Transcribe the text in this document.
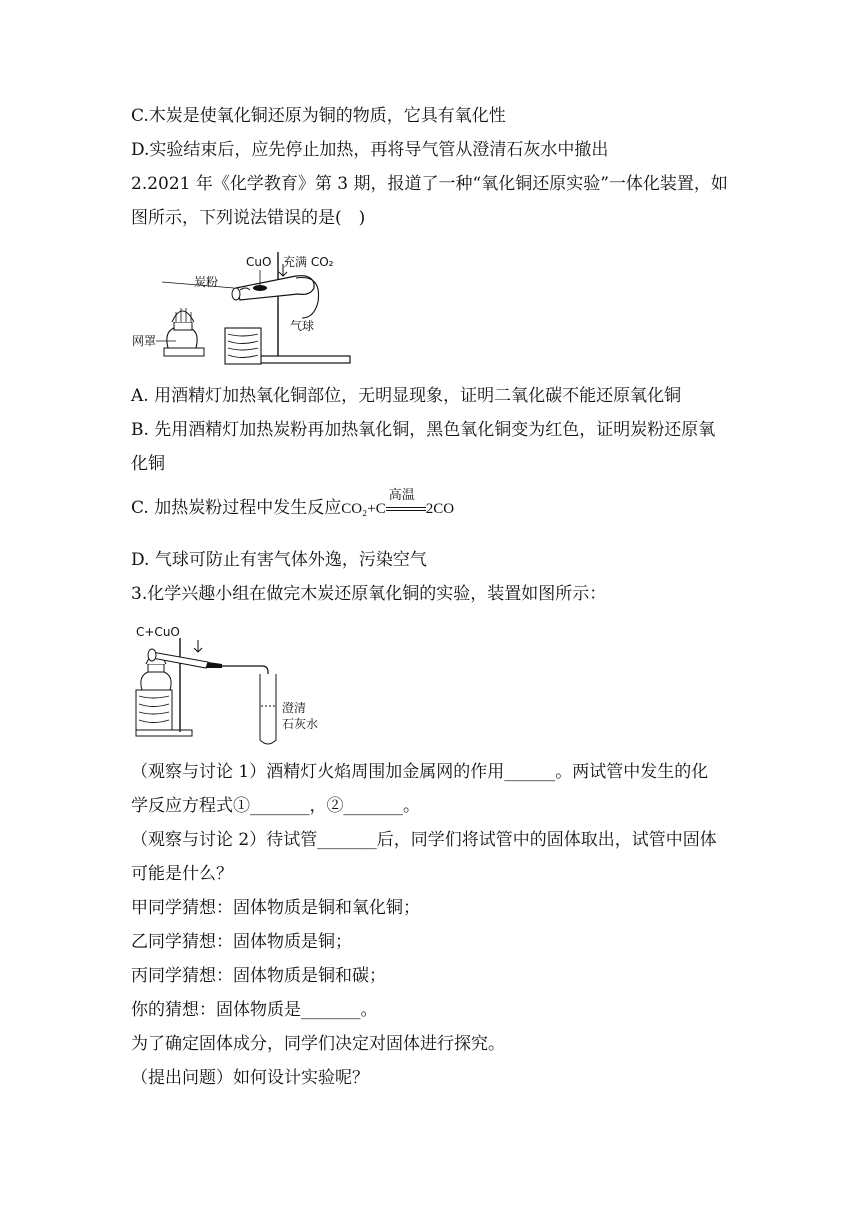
C.木炭是使氧化铜还原为铜的物质，它具有氧化性
D.实验结束后，应先停止加热，再将导气管从澄清石灰水中撤出
2.2021 年《化学教育》第 3 期，报道了一种“氧化铜还原实验”一体化装置，如
图所示，下列说法错误的是(　)
CuO 充满 CO₂
炭粉
气球
网罩
A. 用酒精灯加热氧化铜部位，无明显现象，证明二氧化碳不能还原氧化铜
B. 先用酒精灯加热炭粉再加热氧化铜，黑色氧化铜变为红色，证明炭粉还原氧
化铜
C. 加热炭粉过程中发生反应CO₂+C
高温
2CO
D. 气球可防止有害气体外逸，污染空气
3.化学兴趣小组在做完木炭还原氧化铜的实验，装置如图所示：
C+CuO
澄清
石灰水
（观察与讨论 1）酒精灯火焰周围加金属网的作用______。两试管中发生的化
学反应方程式①_______，②_______。
（观察与讨论 2）待试管_______后，同学们将试管中的固体取出，试管中固体
可能是什么？
甲同学猜想：固体物质是铜和氧化铜；
乙同学猜想：固体物质是铜；
丙同学猜想：固体物质是铜和碳；
你的猜想：固体物质是_______。
为了确定固体成分，同学们决定对固体进行探究。
（提出问题）如何设计实验呢？
